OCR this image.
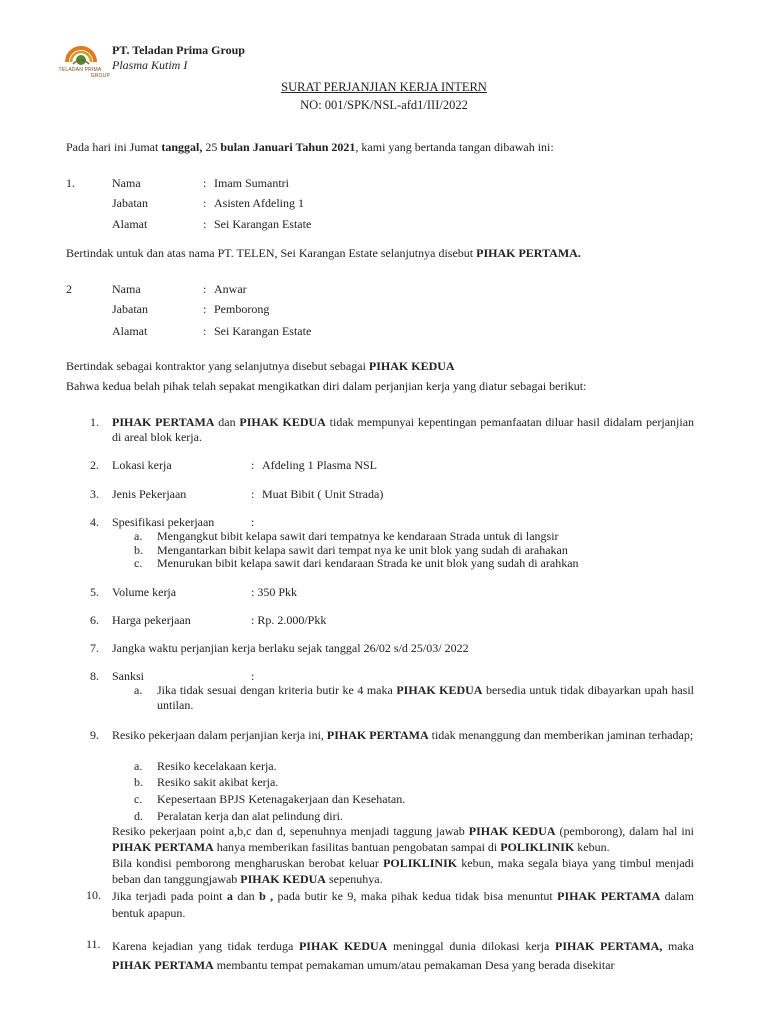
TELADAN PRIMA
GROUP
PT. Teladan Prima Group
Plasma Kutim I
SURAT PERJANJIAN KERJA INTERN
NO: 001/SPK/NSL-afd1/III/2022
Pada hari ini Jumat tanggal, 25 bulan Januari Tahun 2021, kami yang bertanda tangan dibawah ini:
1.	Nama	: Imam Sumantri
Jabatan	: Asisten Afdeling 1
Alamat	: Sei Karangan Estate
Bertindak untuk dan atas nama PT. TELEN, Sei Karangan Estate selanjutnya disebut PIHAK PERTAMA.
2	Nama	: Anwar
Jabatan	: Pemborong
Alamat	: Sei Karangan Estate
Bertindak sebagai kontraktor yang selanjutnya disebut sebagai PIHAK KEDUA
Bahwa kedua belah pihak telah sepakat mengikatkan diri dalam perjanjian kerja yang diatur sebagai berikut:
1. PIHAK PERTAMA dan PIHAK KEDUA tidak mempunyai kepentingan pemanfaatan diluar hasil didalam perjanjian di areal blok kerja.
2. Lokasi kerja	: Afdeling 1 Plasma NSL
3. Jenis Pekerjaan	: Muat Bibit ( Unit Strada)
4. Spesifikasi pekerjaan	:
a. Mengangkut bibit kelapa sawit dari tempatnya ke kendaraan Strada untuk di langsir
b. Mengantarkan bibit kelapa sawit dari tempat nya ke unit blok yang sudah di arahakan
c. Menurukan bibit kelapa sawit dari kendaraan Strada ke unit blok yang sudah di arahkan
5. Volume kerja	: 350 Pkk
6. Harga pekerjaan	: Rp. 2.000/Pkk
7. Jangka waktu perjanjian kerja berlaku sejak tanggal 26/02 s/d 25/03/ 2022
8. Sanksi	:
a. Jika tidak sesuai dengan kriteria butir ke 4 maka PIHAK KEDUA bersedia untuk tidak dibayarkan upah hasil untilan.
9. Resiko pekerjaan dalam perjanjian kerja ini, PIHAK PERTAMA tidak menanggung dan memberikan jaminan terhadap;
a. Resiko kecelakaan kerja.
b. Resiko sakit akibat kerja.
c. Kepesertaan BPJS Ketenagakerjaan dan Kesehatan.
d. Peralatan kerja dan alat pelindung diri.
Resiko pekerjaan point a,b,c dan d, sepenuhnya menjadi taggung jawab PIHAK KEDUA (pemborong), dalam hal ini PIHAK PERTAMA hanya memberikan fasilitas bantuan pengobatan sampai di POLIKLINIK kebun.
Bila kondisi pemborong mengharuskan berobat keluar POLIKLINIK kebun, maka segala biaya yang timbul menjadi beban dan tanggungjawab PIHAK KEDUA sepenuhya.
10. Jika terjadi pada point a dan b , pada butir ke 9, maka pihak kedua tidak bisa menuntut PIHAK PERTAMA dalam bentuk apapun.
11. Karena kejadian yang tidak terduga PIHAK KEDUA meninggal dunia dilokasi kerja PIHAK PERTAMA, maka PIHAK PERTAMA membantu tempat pemakaman umum/atau pemakaman Desa yang berada disekitar
